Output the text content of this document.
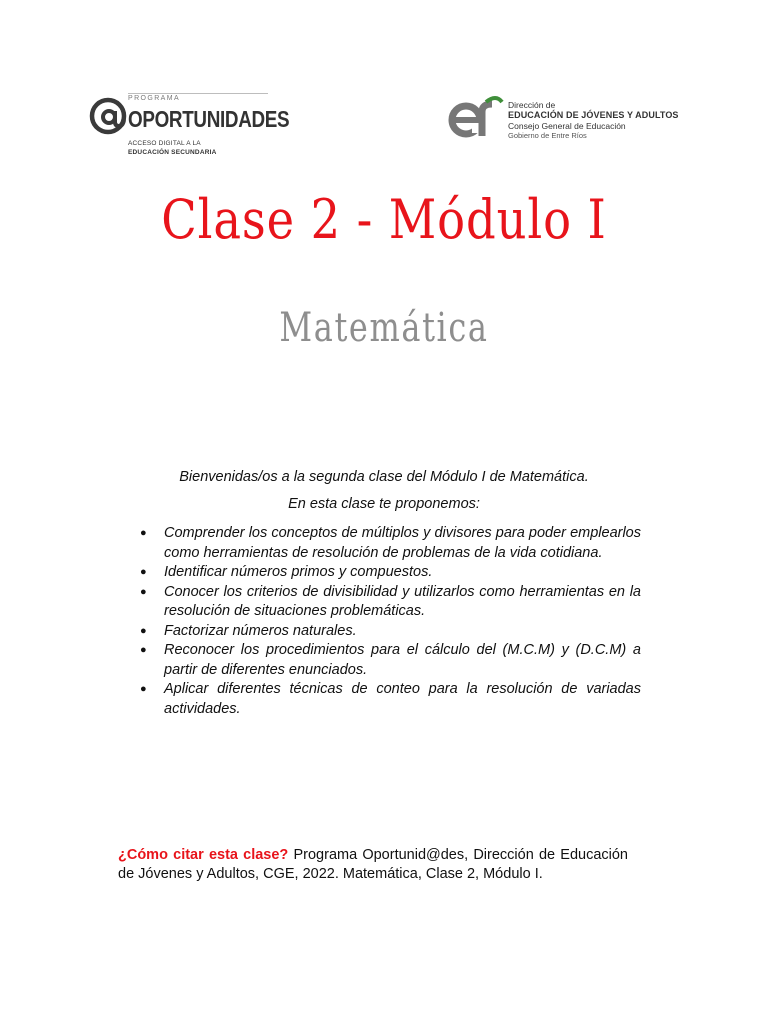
PROGRAMA
OPORTUNIDADES
ACCESO DIGITAL A LA
EDUCACIÓN SECUNDARIA
Dirección de
EDUCACIÓN DE JÓVENES Y ADULTOS
Consejo General de Educación
Gobierno de Entre Ríos
Clase 2 - Módulo I
Matemática
Bienvenidas/os a la segunda clase del Módulo I de Matemática.
En esta clase te proponemos:
● Comprender los conceptos de múltiplos y divisores para poder emplearlos como herramientas de resolución de problemas de la vida cotidiana.
● Identificar números primos y compuestos.
● Conocer los criterios de divisibilidad y utilizarlos como herramientas en la resolución de situaciones problemáticas.
● Factorizar números naturales.
● Reconocer los procedimientos para el cálculo del (M.C.M) y (D.C.M) a partir de diferentes enunciados.
● Aplicar diferentes técnicas de conteo para la resolución de variadas actividades.
¿Cómo citar esta clase? Programa Oportunid@des, Dirección de Educación de Jóvenes y Adultos, CGE, 2022. Matemática, Clase 2, Módulo I.
